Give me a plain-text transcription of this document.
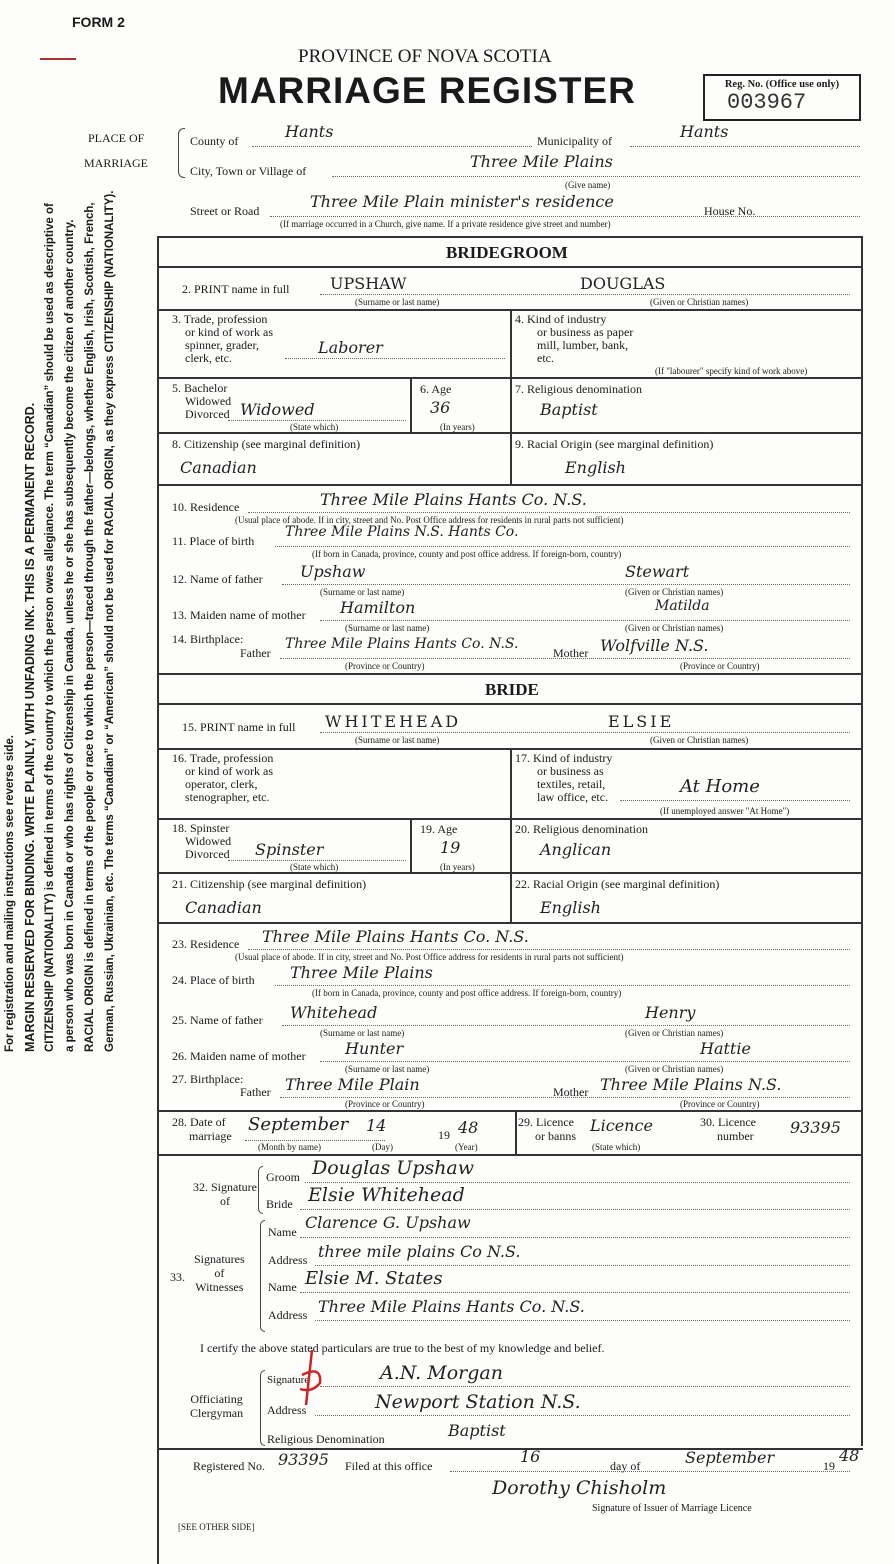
For registration and mailing instructions see reverse side. MARGIN RESERVED FOR BINDING. WRITE PLAINLY, WITH UNFADING INK. THIS IS A PERMANENT RECORD. CITIZENSHIP (NATIONALITY) is defined in terms of the country to which the person owes allegiance. The term “Canadian” should be used as descriptive of a person who was born in Canada or who has rights of Citizenship in Canada, unless he or she has subsequently become the citizen of another country. RACIAL ORIGIN is defined in terms of the people or race to which the person—traced through the father—belongs, whether English, Irish, Scottish, French, German, Russian, Ukrainian, etc. The terms “Canadian” or “American” should not be used for RACIAL ORIGIN, as they express CITIZENSHIP (NATIONALITY).
FORM 2
PROVINCE OF NOVA SCOTIA
MARRIAGE REGISTER	Reg. No. (Office use only)
003967
PLACE OF
MARRIAGE
County of	Hants	Municipality of	Hants
City, Town or Village of	Three Mile Plains
(Give name)
Street or Road	Three Mile Plain minister's residence	House No.
(If marriage occurred in a Church, give name. If a private residence give street and number)
BRIDEGROOM
2. PRINT name in full	UPSHAW	DOUGLAS
(Surname or last name)	(Given or Christian names)
3. Trade, profession
or kind of work as
spinner, grader,
clerk, etc.
Laborer
4. Kind of industry
or business as paper
mill, lumber, bank,
etc.
(If "labourer" specify kind of work above)
5. Bachelor
Widowed
Divorced Widowed
(State which)
6. Age
36
(In years)
7. Religious denomination
Baptist
8. Citizenship (see marginal definition)
Canadian
9. Racial Origin (see marginal definition)
English
10. Residence	Three Mile Plains Hants Co. N.S.
(Usual place of abode. If in city, street and No. Post Office address for residents in rural parts not sufficient)
11. Place of birth
Three Mile Plains N.S. Hants Co.
(If born in Canada, province, county and post office address. If foreign-born, country)
12. Name of father Upshaw	Stewart
(Surname or last name)	(Given or Christian names)
13. Maiden name of mother Hamilton	Matilda
(Surname or last name)	(Given or Christian names)
14. Birthplace:
Father
Three Mile Plains Hants Co. N.S.
Mother Wolfville N.S.
(Province or Country)	(Province or Country)
BRIDE
15. PRINT name in full WHITEHEAD	ELSIE
(Surname or last name)	(Given or Christian names)
16. Trade, profession
or kind of work as
operator, clerk,
stenographer, etc.
17. Kind of industry
or business as
textiles, retail,
law office, etc.	At Home
(If unemployed answer "At Home")
18. Spinster
Widowed
Divorced Spinster
(State which)
19. Age
19
(In years)
20. Religious denomination
Anglican
21. Citizenship (see marginal definition)
Canadian
22. Racial Origin (see marginal definition)
English
23. Residence Three Mile Plains Hants Co. N.S.
(Usual place of abode. If in city, street and No. Post Office address for residents in rural parts not sufficient)
24. Place of birth Three Mile Plains
(If born in Canada, province, county and post office address. If foreign-born, country)
25. Name of father Whitehead	Henry
(Surname or last name)	(Given or Christian names)
26. Maiden name of mother Hunter	Hattie
(Surname or last name)	(Given or Christian names)
27. Birthplace:
Father Three Mile Plain	Mother Three Mile Plains N.S.
(Province or Country)	(Province or Country)
28. Date of
marriage
September 14	19 48
(Month by name)	(Day)	(Year)
29. Licence
or banns
Licence
(State which)
30. Licence
number 93395
32. Signature
of
Groom Douglas Upshaw
Bride Elsie Whitehead
33.
Signatures
of
Witnesses
Name Clarence G. Upshaw
Address three mile plains Co N.S.
Name Elsie M. States
Address Three Mile Plains Hants Co. N.S.
I certify the above stated particulars are true to the best of my knowledge and belief.
Officiating
Clergyman
Signature	A.N. Morgan
Address	Newport Station N.S.
Religious Denomination	Baptist
Registered No. 93395 Filed at this office	16	day of	September	19
48
Dorothy Chisholm
Signature of Issuer of Marriage Licence
[SEE OTHER SIDE]
